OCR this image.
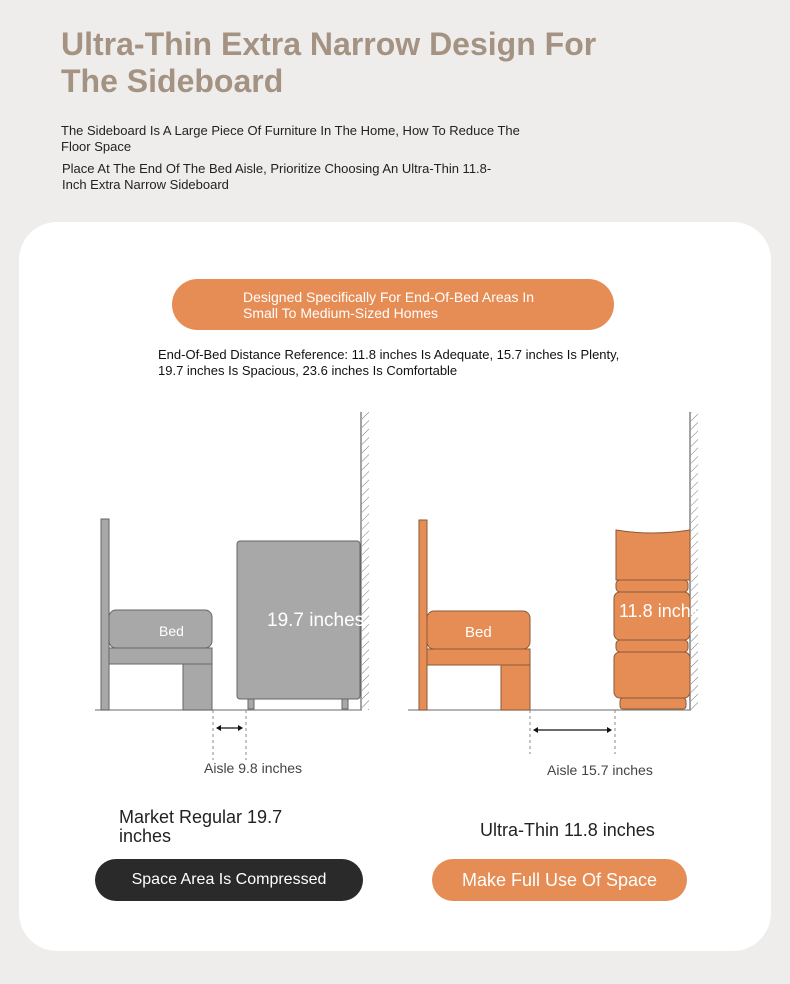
Ultra-Thin Extra Narrow Design For The Sideboard
The Sideboard Is A Large Piece Of Furniture In The Home, How To Reduce The Floor Space
Place At The End Of The Bed Aisle, Prioritize Choosing An Ultra-Thin 11.8-Inch Extra Narrow Sideboard
Designed Specifically For End-Of-Bed Areas In Small To Medium-Sized Homes
End-Of-Bed Distance Reference: 11.8 inches Is Adequate, 15.7 inches Is Plenty, 19.7 inches Is Spacious, 23.6 inches Is Comfortable
Bed	19.7 inches
Aisle 9.8 inches
Bed
11.8 inches
Aisle 15.7 inches
Market Regular 19.7 inches	Ultra-Thin 11.8 inches
Space Area Is Compressed	Make Full Use Of Space
